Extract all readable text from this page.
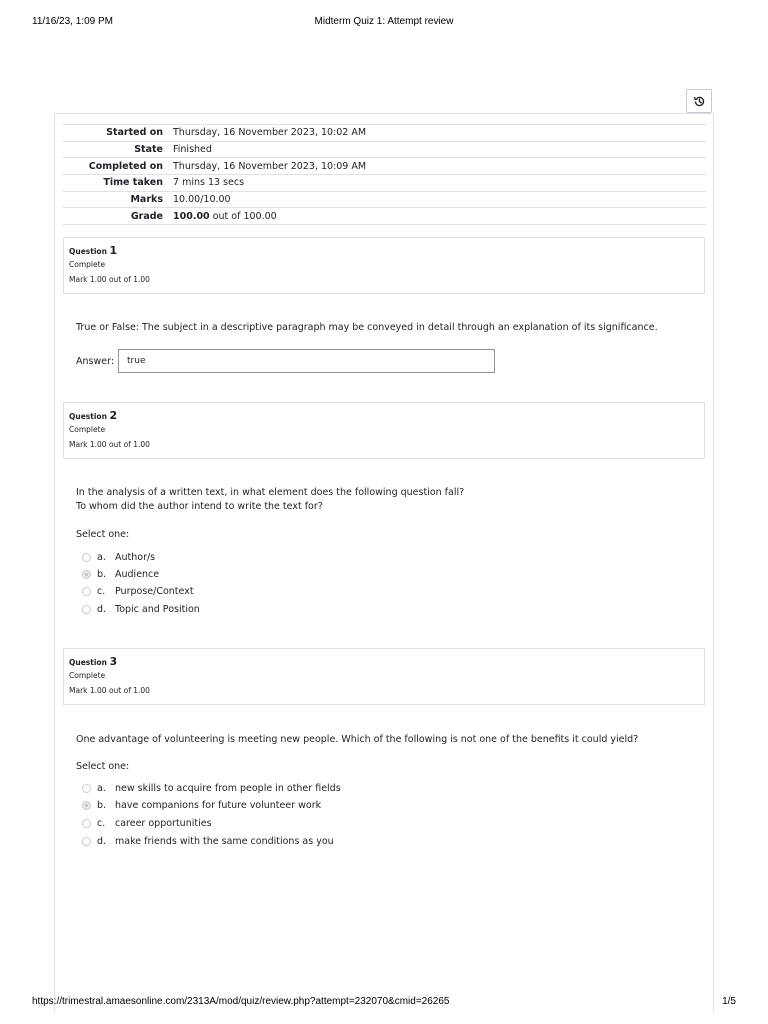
11/16/23, 1:09 PM	Midterm Quiz 1: Attempt review
Started on	Thursday, 16 November 2023, 10:02 AM
State	Finished
Completed on	Thursday, 16 November 2023, 10:09 AM
Time taken	7 mins 13 secs
Marks	10.00/10.00
Grade	100.00 out of 100.00
Question 1
Complete
Mark 1.00 out of 1.00
True or False: The subject in a descriptive paragraph may be conveyed in detail through an explanation of its significance.
Answer:	true
Question 2
Complete
Mark 1.00 out of 1.00
In the analysis of a written text, in what element does the following question fall?
To whom did the author intend to write the text for?
Select one:
a. Author/s
b. Audience
c.	Purpose/Context
d. Topic and Position
Question 3
Complete
Mark 1.00 out of 1.00
One advantage of volunteering is meeting new people. Which of the following is not one of the benefits it could yield?
Select one:
a. new skills to acquire from people in other fields
b. have companions for future volunteer work
c.	career opportunities
d. make friends with the same conditions as you
https://trimestral.amaesonline.com/2313A/mod/quiz/review.php?attempt=232070&cmid=26265	1/5
